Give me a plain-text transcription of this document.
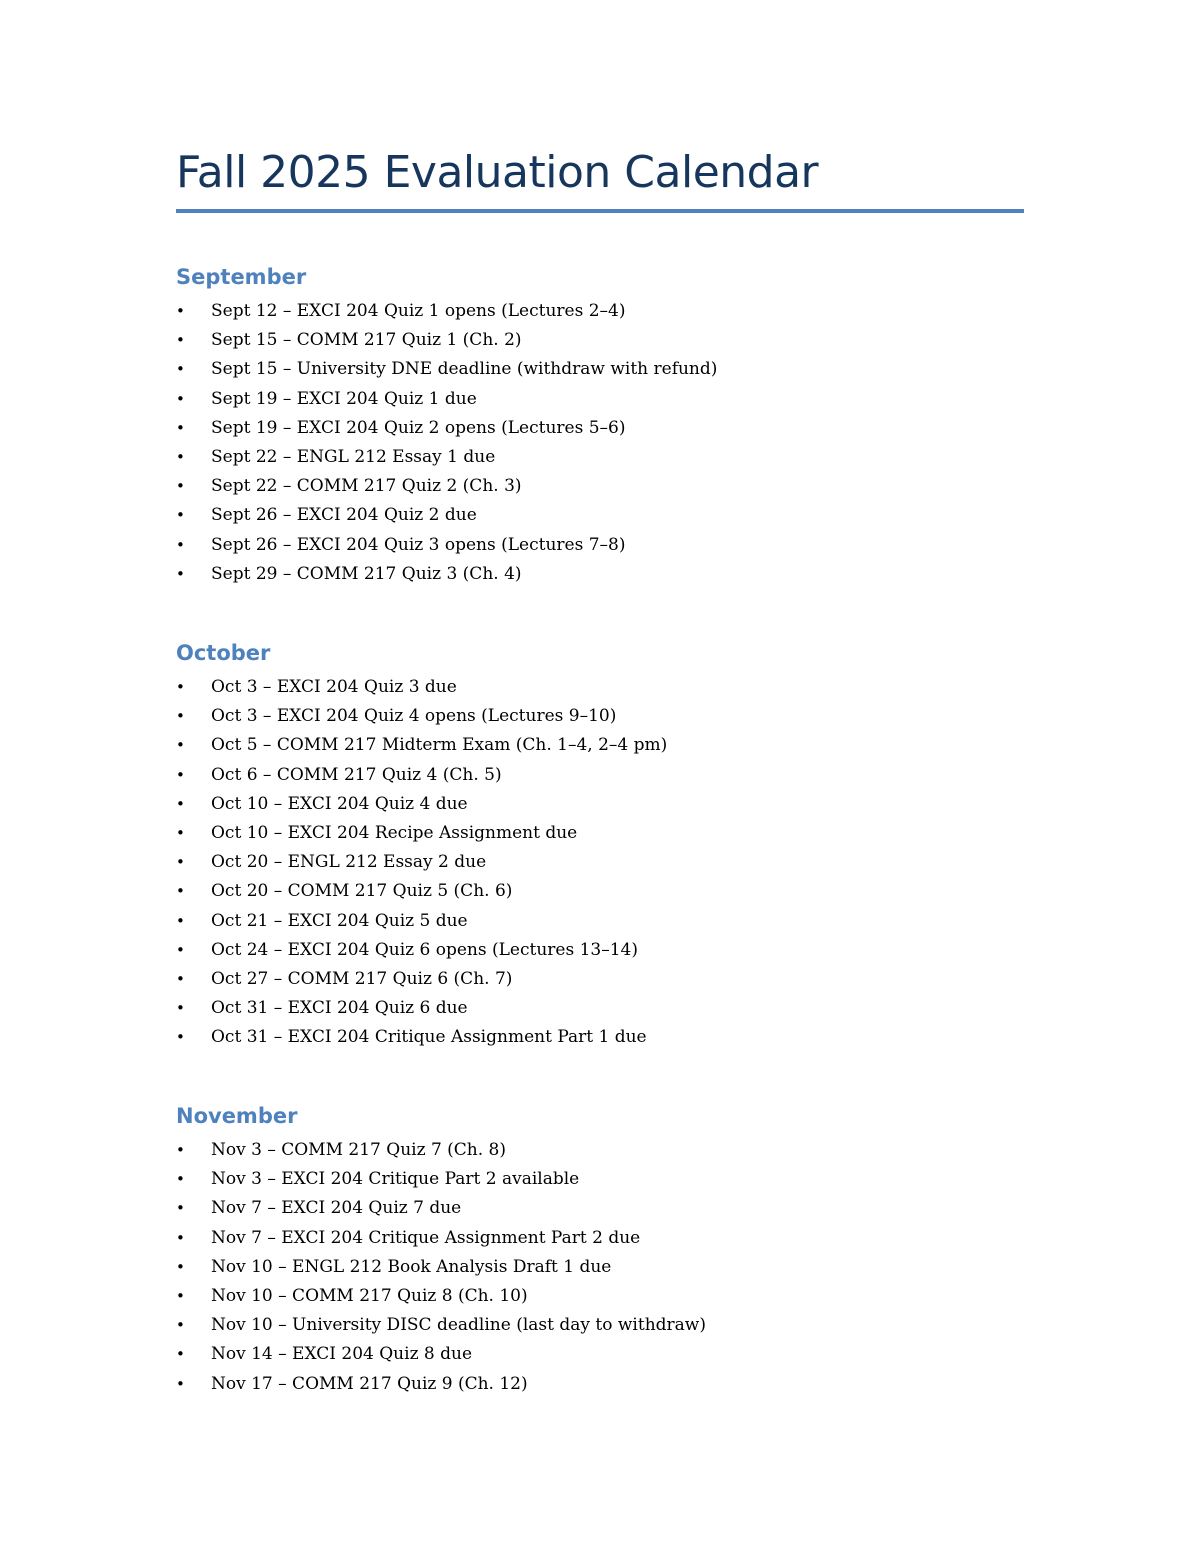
Fall 2025 Evaluation Calendar
September
• Sept 12 – EXCI 204 Quiz 1 opens (Lectures 2–4)
• Sept 15 – COMM 217 Quiz 1 (Ch. 2)
• Sept 15 – University DNE deadline (withdraw with refund)
• Sept 19 – EXCI 204 Quiz 1 due
• Sept 19 – EXCI 204 Quiz 2 opens (Lectures 5–6)
• Sept 22 – ENGL 212 Essay 1 due
• Sept 22 – COMM 217 Quiz 2 (Ch. 3)
• Sept 26 – EXCI 204 Quiz 2 due
• Sept 26 – EXCI 204 Quiz 3 opens (Lectures 7–8)
• Sept 29 – COMM 217 Quiz 3 (Ch. 4)
October
• Oct 3 – EXCI 204 Quiz 3 due
• Oct 3 – EXCI 204 Quiz 4 opens (Lectures 9–10)
• Oct 5 – COMM 217 Midterm Exam (Ch. 1–4, 2–4 pm)
• Oct 6 – COMM 217 Quiz 4 (Ch. 5)
• Oct 10 – EXCI 204 Quiz 4 due
• Oct 10 – EXCI 204 Recipe Assignment due
• Oct 20 – ENGL 212 Essay 2 due
• Oct 20 – COMM 217 Quiz 5 (Ch. 6)
• Oct 21 – EXCI 204 Quiz 5 due
• Oct 24 – EXCI 204 Quiz 6 opens (Lectures 13–14)
• Oct 27 – COMM 217 Quiz 6 (Ch. 7)
• Oct 31 – EXCI 204 Quiz 6 due
• Oct 31 – EXCI 204 Critique Assignment Part 1 due
November
• Nov 3 – COMM 217 Quiz 7 (Ch. 8)
• Nov 3 – EXCI 204 Critique Part 2 available
• Nov 7 – EXCI 204 Quiz 7 due
• Nov 7 – EXCI 204 Critique Assignment Part 2 due
• Nov 10 – ENGL 212 Book Analysis Draft 1 due
• Nov 10 – COMM 217 Quiz 8 (Ch. 10)
• Nov 10 – University DISC deadline (last day to withdraw)
• Nov 14 – EXCI 204 Quiz 8 due
• Nov 17 – COMM 217 Quiz 9 (Ch. 12)
